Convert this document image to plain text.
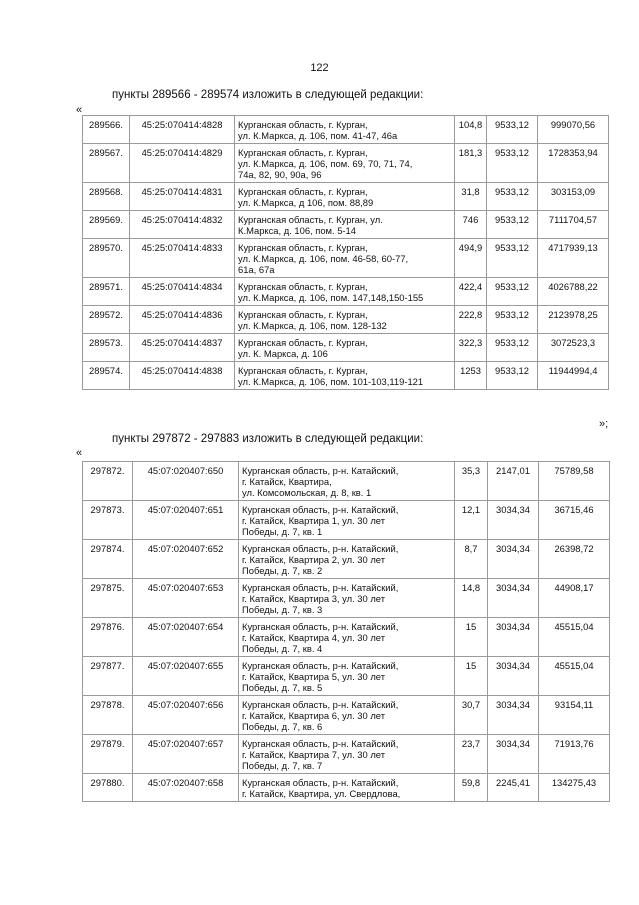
122
пункты 289566 - 289574 изложить в следующей редакции:
«
289566.	45:25:070414:4828	Курганская область, г. Курган,
ул. К.Маркса, д. 106, пом. 41-47, 46а	104,8	9533,12	999070,56
289567.	45:25:070414:4829	Курганская область, г. Курган,
ул. К.Маркса, д. 106, пом. 69, 70, 71, 74,
74а, 82, 90, 90а, 96	181,3	9533,12	1728353,94
289568.	45:25:070414:4831	Курганская область, г. Курган,
ул. К.Маркса, д 106, пом. 88,89	31,8	9533,12	303153,09
289569.	45:25:070414:4832	Курганская область, г. Курган, ул.
К.Маркса, д. 106, пом. 5-14	746	9533,12	7111704,57
289570.	45:25:070414:4833	Курганская область, г. Курган,
ул. К.Маркса, д. 106, пом. 46-58, 60-77,
61а, 67а	494,9	9533,12	4717939,13
289571.	45:25:070414:4834	Курганская область, г. Курган,
ул. К.Маркса, д. 106, пом. 147,148,150-155	422,4	9533,12	4026788,22
289572.	45:25:070414:4836	Курганская область, г. Курган,
ул. К.Маркса, д. 106, пом. 128-132	222,8	9533,12	2123978,25
289573.	45:25:070414:4837	Курганская область, г. Курган,
ул. К. Маркса, д. 106	322,3	9533,12	3072523,3
289574.	45:25:070414:4838	Курганская область, г. Курган,
ул. К.Маркса, д. 106, пом. 101-103,119-121	1253	9533,12	11944994,4
»;
пункты 297872 - 297883 изложить в следующей редакции:
«
297872.	45:07:020407:650	Курганская область, р-н. Катайский,
г. Катайск, Квартира,
ул. Комсомольская, д. 8, кв. 1	35,3	2147,01	75789,58
297873.	45:07:020407:651	Курганская область, р-н. Катайский,
г. Катайск, Квартира 1, ул. 30 лет
Победы, д. 7, кв. 1	12,1	3034,34	36715,46
297874.	45:07:020407:652	Курганская область, р-н. Катайский,
г. Катайск, Квартира 2, ул. 30 лет
Победы, д. 7, кв. 2	8,7	3034,34	26398,72
297875.	45:07:020407:653	Курганская область, р-н. Катайский,
г. Катайск, Квартира 3, ул. 30 лет
Победы, д. 7, кв. 3	14,8	3034,34	44908,17
297876.	45:07:020407:654	Курганская область, р-н. Катайский,
г. Катайск, Квартира 4, ул. 30 лет
Победы, д. 7, кв. 4	15	3034,34	45515,04
297877.	45:07:020407:655	Курганская область, р-н. Катайский,
г. Катайск, Квартира 5, ул. 30 лет
Победы, д. 7, кв. 5	15	3034,34	45515,04
297878.	45:07:020407:656	Курганская область, р-н. Катайский,
г. Катайск, Квартира 6, ул. 30 лет
Победы, д. 7, кв. 6	30,7	3034,34	93154,11
297879.	45:07:020407:657	Курганская область, р-н. Катайский,
г. Катайск, Квартира 7, ул. 30 лет
Победы, д. 7, кв. 7	23,7	3034,34	71913,76
297880.	45:07:020407:658	Курганская область, р-н. Катайский,
г. Катайск, Квартира, ул. Свердлова,	59,8	2245,41	134275,43
